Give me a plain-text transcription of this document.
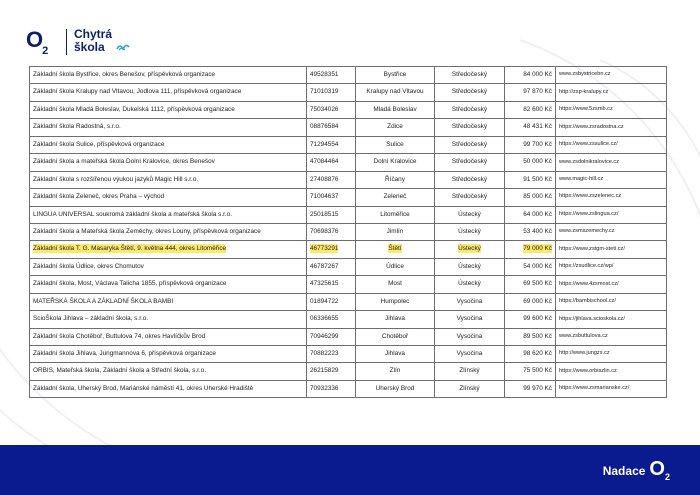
$O_2$
Chytrá
škola
Základní škola Bystřice, okres Benešov, příspěvková organizace	49528351	Bystřice	Středočeský	84 000 Kč	www.zsbystricebn.cz
Základní škola Kralupy nad Vltavou, Jodlova 111, příspěvková organizace	71010319	Kralupy nad Vltavou	Středočeský	97 870 Kč	http://zsp-kralupy.cz
Základní škola Mladá Boleslav, Dukelská 1112, příspěvková organizace	75034026	Mladá Boleslav	Středočeský	82 600 Kč	https://www.5zsmb.cz
Základní škola Radostná, s.r.o.	08876584	Zdice	Středočeský	48 431 Kč	https://www.zsradostna.cz
Základní škola Sulice, příspěvková organizace	71294554	Sulice	Středočeský	99 700 Kč	https://www.zssulice.cz/
Základní škola a mateřská škola Dolní Kralovice, okres Benešov	47084464	Dolní Kralovice	Středočeský	50 000 Kč	www.zsdolnikralovice.cz
Základní škola s rozšířenou výukou jazyků Magic Hill s.r.o.	27408876	Říčany	Středočeský	91 500 Kč	www.magic-hill.cz
Základní škola Zeleneč, okres Praha – východ	71004637	Zeleneč	Středočeský	85 000 Kč	https://www.zszelenec.cz
LINGUA UNIVERSAL soukromá základní škola a mateřská škola s.r.o.	25018515	Litoměřice	Ústecký	64 000 Kč	https://www.zslingua.cz/
Základní škola a Mateřská škola Zeměchy, okres Louny, příspěvková organizace	70698376	Jimlín	Ústecký	53 400 Kč	www.zsmszemechy.cz
Základní škola T. G. Masaryka Štětí, 9. května 444, okres Litoměřice	46773291	Štětí	Ústecký	79 000 Kč	https://www.zstgm-steti.cz/
Základní škola Údlice, okres Chomutov	46787267	Údlice	Ústecký	54 000 Kč	https://zsudlice.cz/wp/
Základní škola, Most, Václava Talicha 1855, příspěvková organizace	47325615	Most	Ústecký	69 500 Kč	https://www.4zsmost.cz/
MATEŘSKÁ ŠKOLA A ZÁKLADNÍ ŠKOLA BAMBI	01894722	Humpolec	Vysočina	69 000 Kč	https://bambischool.cz/
ScioŠkola Jihlava – základní škola, s.r.o.	06336655	Jihlava	Vysočina	99 600 Kč	https://jihlava.scioskola.cz/
Základní škola Chotěboř, Buttulova 74, okres Havlíčkův Brod	70946299	Chotěboř	Vysočina	89 500 Kč	www.zsbuttulova.cz
Základní škola Jihlava, Jungmannova 6, příspěvková organizace	70882223	Jihlava	Vysočina	98 620 Kč	http://www.jungzs.cz
ORBIS, Mateřská škola, Základní škola a Střední škola, s.r.o.	26215829	Zlín	Zlínský	75 500 Kč	https://www.orbiszlin.cz
Základní škola, Uherský Brod, Mariánské náměstí 41, okres Uherské Hradiště	70932336	Uherský Brod	Zlínský	99 970 Kč	https://www.zsmarianske.cz/
Nadace $O_2$
